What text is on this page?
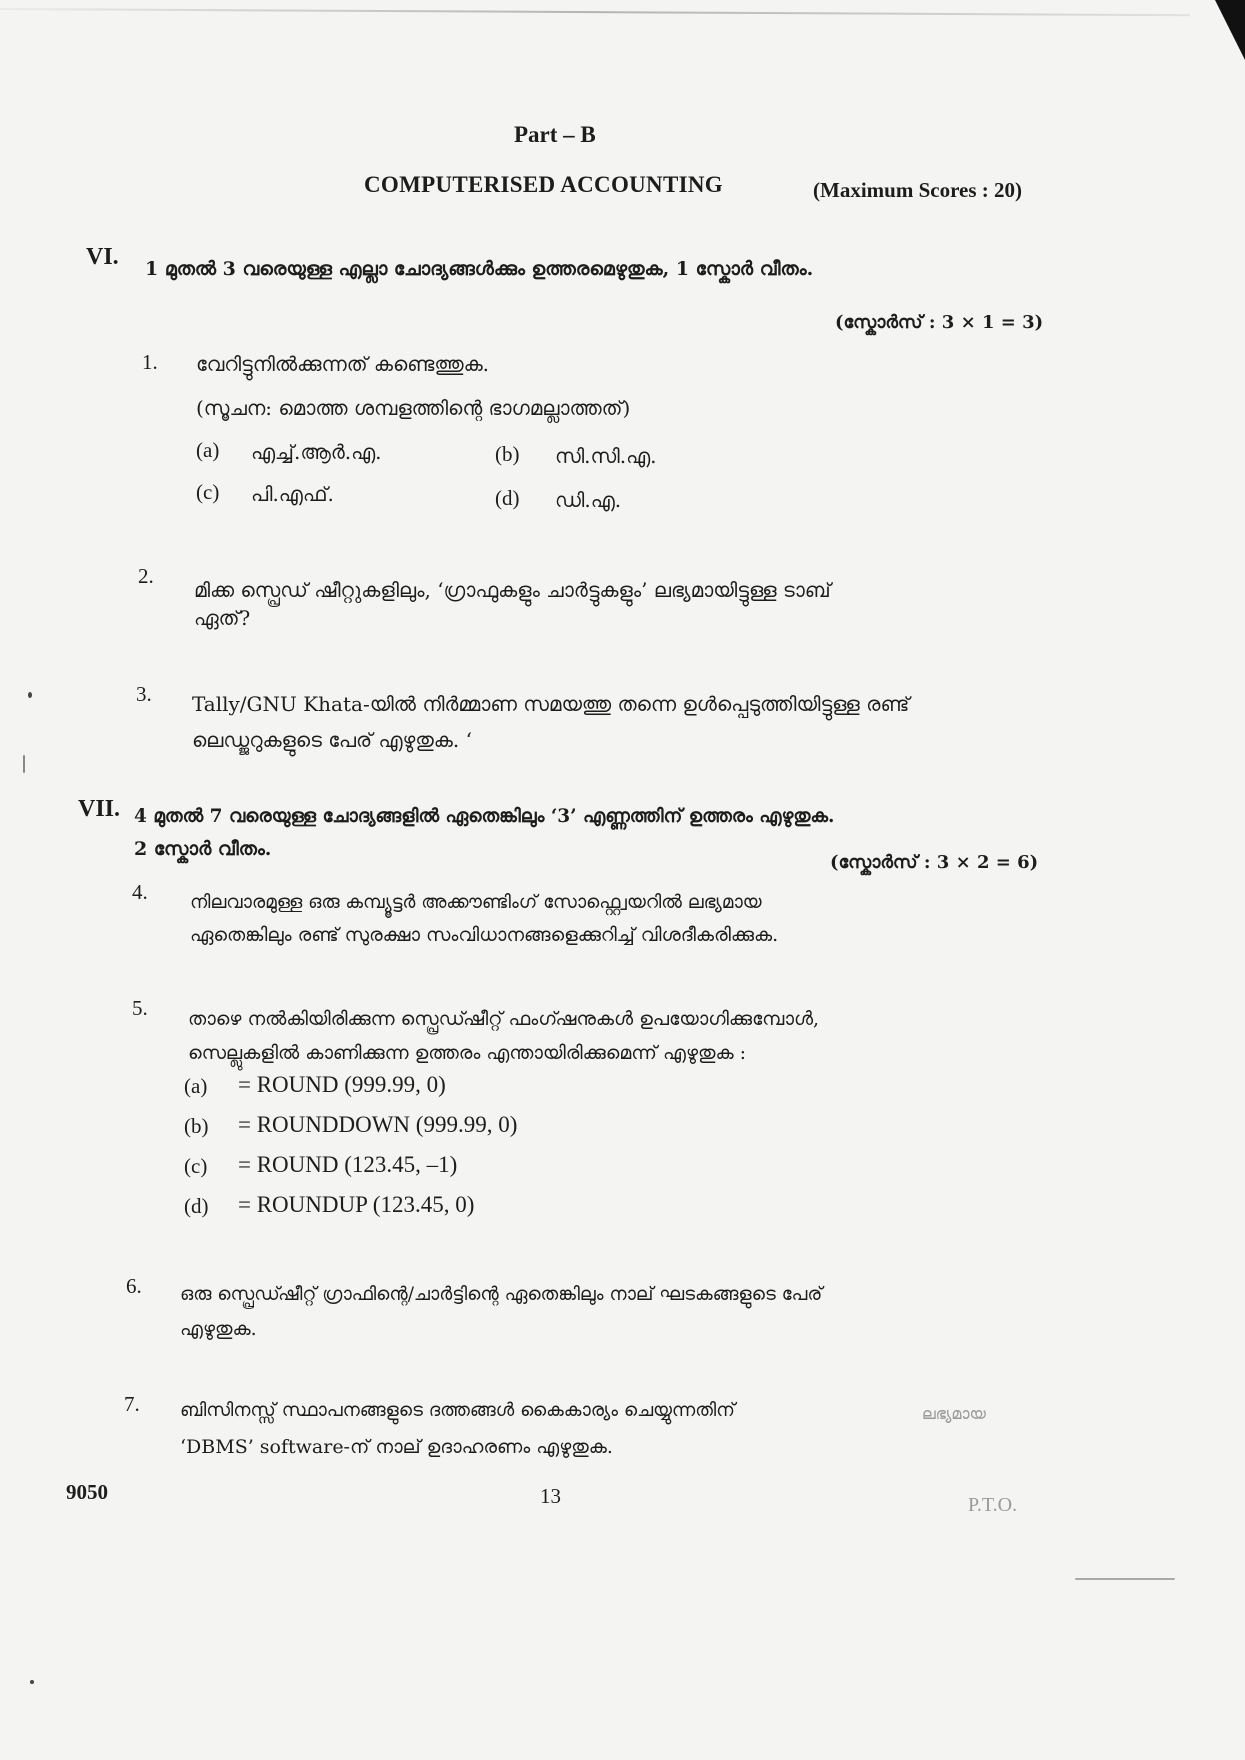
Part – B
COMPUTERISED ACCOUNTING	(Maximum Scores : 20)
VI. 1 മുതൽ 3 വരെയുള്ള എല്ലാ ചോദ്യങ്ങൾക്കും ഉത്തരമെഴുതുക, 1 സ്കോർ വീതം.
(സ്കോർസ് : 3 × 1 = 3)
1. വേറിട്ടുനിൽക്കുന്നത് കണ്ടെത്തുക.
(സൂചന: മൊത്ത ശമ്പളത്തിന്റെ ഭാഗമല്ലാത്തത്)
(a) എച്ച്.ആർ.എ.	(b) സി.സി.എ.
(c) പി.എഫ്.	(d) ഡി.എ.
2.
മിക്ക സ്പ്രെഡ് ഷീറ്റുകളിലും, ‘ഗ്രാഫുകളും ചാർട്ടുകളും’ ലഭ്യമായിട്ടുള്ള ടാബ്
ഏത്?
3. Tally/GNU Khata-യിൽ നിർമ്മാണ സമയത്തു തന്നെ ഉൾപ്പെടുത്തിയിട്ടുള്ള രണ്ട്
ലെഡ്ജറുകളുടെ പേര് എഴുതുക. ‘
VII. 4 മുതൽ 7 വരെയുള്ള ചോദ്യങ്ങളിൽ ഏതെങ്കിലും ‘3’ എണ്ണത്തിന് ഉത്തരം എഴുതുക.
2 സ്കോർ വീതം.
(സ്കോർസ് : 3 × 2 = 6)
4. നിലവാരമുള്ള ഒരു കമ്പ്യൂട്ടർ അക്കൗണ്ടിംഗ് സോഫ്റ്റ്വെയറിൽ ലഭ്യമായ
ഏതെങ്കിലും രണ്ട് സുരക്ഷാ സംവിധാനങ്ങളെക്കുറിച്ച് വിശദീകരിക്കുക.
5. താഴെ നൽകിയിരിക്കുന്ന സ്പ്രെഡ്ഷീറ്റ് ഫംഗ്ഷനുകൾ ഉപയോഗിക്കുമ്പോൾ,
സെല്ലുകളിൽ കാണിക്കുന്ന ഉത്തരം എന്തായിരിക്കുമെന്ന് എഴുതുക :
(a) = ROUND (999.99, 0)
(b) = ROUNDDOWN (999.99, 0)
(c) = ROUND (123.45, –1)
(d) = ROUNDUP (123.45, 0)
6. ഒരു സ്പ്രെഡ്ഷീറ്റ് ഗ്രാഫിന്റെ/ചാർട്ടിന്റെ ഏതെങ്കിലും നാല് ഘടകങ്ങളുടെ പേര്
എഴുതുക.
7. ബിസിനസ്സ് സ്ഥാപനങ്ങളുടെ ദത്തങ്ങൾ കൈകാര്യം ചെയ്യുന്നതിന്	ലഭ്യമായ
‘DBMS’ software-ന് നാല് ഉദാഹരണം എഴുതുക.
9050	13	P.T.O.
